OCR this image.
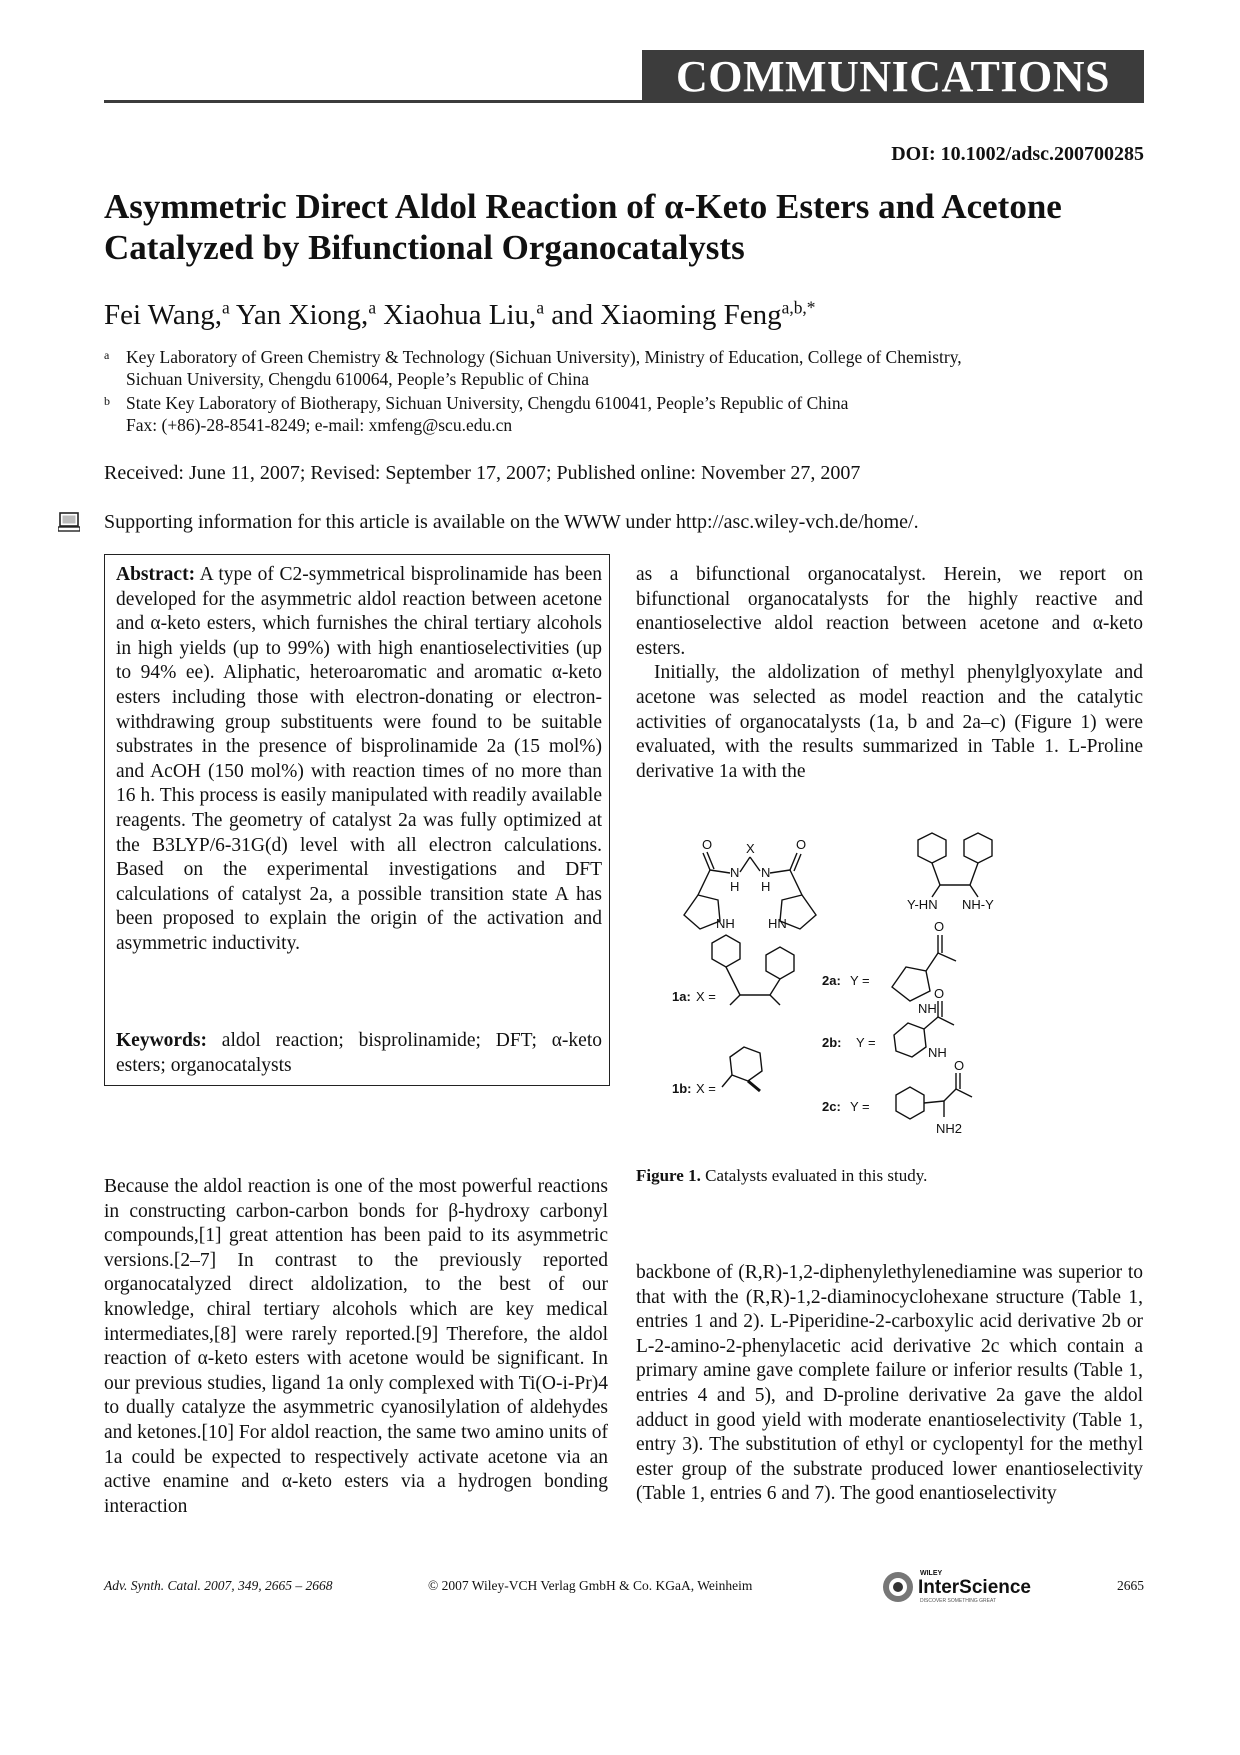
COMMUNICATIONS
DOI: 10.1002/adsc.200700285
Asymmetric Direct Aldol Reaction of α-Keto Esters and Acetone Catalyzed by Bifunctional Organocatalysts
Fei Wang,$^a$ Yan Xiong,$^a$ Xiaohua Liu,$^a$ and Xiaoming Feng$^{a,b,*}$
a Key Laboratory of Green Chemistry & Technology (Sichuan University), Ministry of Education, College of Chemistry,
Sichuan University, Chengdu 610064, People’s Republic of China
b State Key Laboratory of Biotherapy, Sichuan University, Chengdu 610041, People’s Republic of China
Fax: (+86)-28-8541-8249; e-mail: xmfeng@scu.edu.cn
Received: June 11, 2007; Revised: September 17, 2007; Published online: November 27, 2007
Supporting information for this article is available on the WWW under http://asc.wiley-vch.de/home/.

Abstract: A type of C2-symmetrical bisprolinamide has been developed for the asymmetric aldol reaction between acetone and α-keto esters, which furnishes the chiral tertiary alcohols in high yields (up to 99%) with high enantioselectivities (up to 94% ee). Aliphatic, heteroaromatic and aromatic α-keto esters including those with electron-donating or electron-withdrawing group substituents were found to be suitable substrates in the presence of bisprolinamide 2a (15 mol%) and AcOH (150 mol%) with reaction times of no more than 16 h. This process is easily manipulated with readily available reagents. The geometry of catalyst 2a was fully optimized at the B3LYP/6-31G(d) level with all electron calculations. Based on the experimental investigations and DFT calculations of catalyst 2a, a possible transition state A has been proposed to explain the origin of the activation and asymmetric inductivity.

Keywords: aldol reaction; bisprolinamide; DFT; α-keto esters; organocatalysts

Because the aldol reaction is one of the most powerful reactions in constructing carbon-carbon bonds for β-hydroxy carbonyl compounds,[1] great attention has been paid to its asymmetric versions.[2–7] In contrast to the previously reported organocatalyzed direct aldolization, to the best of our knowledge, chiral tertiary alcohols which are key medical intermediates,[8] were rarely reported.[9] Therefore, the aldol reaction of α-keto esters with acetone would be significant. In our previous studies, ligand 1a only complexed with Ti(O-i-Pr)4 to dually catalyze the asymmetric cyanosilylation of aldehydes and ketones.[10] For aldol reaction, the same two amino units of 1a could be expected to respectively activate acetone via an active enamine and α-keto esters via a hydrogen bonding interaction

as a bifunctional organocatalyst. Herein, we report on bifunctional organocatalysts for the highly reactive and enantioselective aldol reaction between acetone and α-keto esters.

Initially, the aldolization of methyl phenylglyoxylate and acetone was selected as model reaction and the catalytic activities of organocatalysts (1a, b and 2a–c) (Figure 1) were evaluated, with the results summarized in Table 1. L-Proline derivative 1a with the

O	X	O
N
H
N
H
NH	HN
Y-HN NH-Y
1a: X =
1b: X =
2a: Y =
O
NH
2b: Y =
O
NH
2c: Y =
O
NH2
Figure 1. Catalysts evaluated in this study.

backbone of (R,R)-1,2-diphenylethylenediamine was superior to that with the (R,R)-1,2-diaminocyclohexane structure (Table 1, entries 1 and 2). L-Piperidine-2-carboxylic acid derivative 2b or L-2-amino-2-phenylacetic acid derivative 2c which contain a primary amine gave complete failure or inferior results (Table 1, entries 4 and 5), and D-proline derivative 2a gave the aldol adduct in good yield with moderate enantioselectivity (Table 1, entry 3). The substitution of ethyl or cyclopentyl for the methyl ester group of the substrate produced lower enantioselectivity (Table 1, entries 6 and 7). The good enantioselectivity

Adv. Synth. Catal. 2007, 349, 2665 – 2668	© 2007 Wiley-VCH Verlag GmbH & Co. KGaA, Weinheim
WILEY
InterScience
DISCOVER SOMETHING GREAT
2665
